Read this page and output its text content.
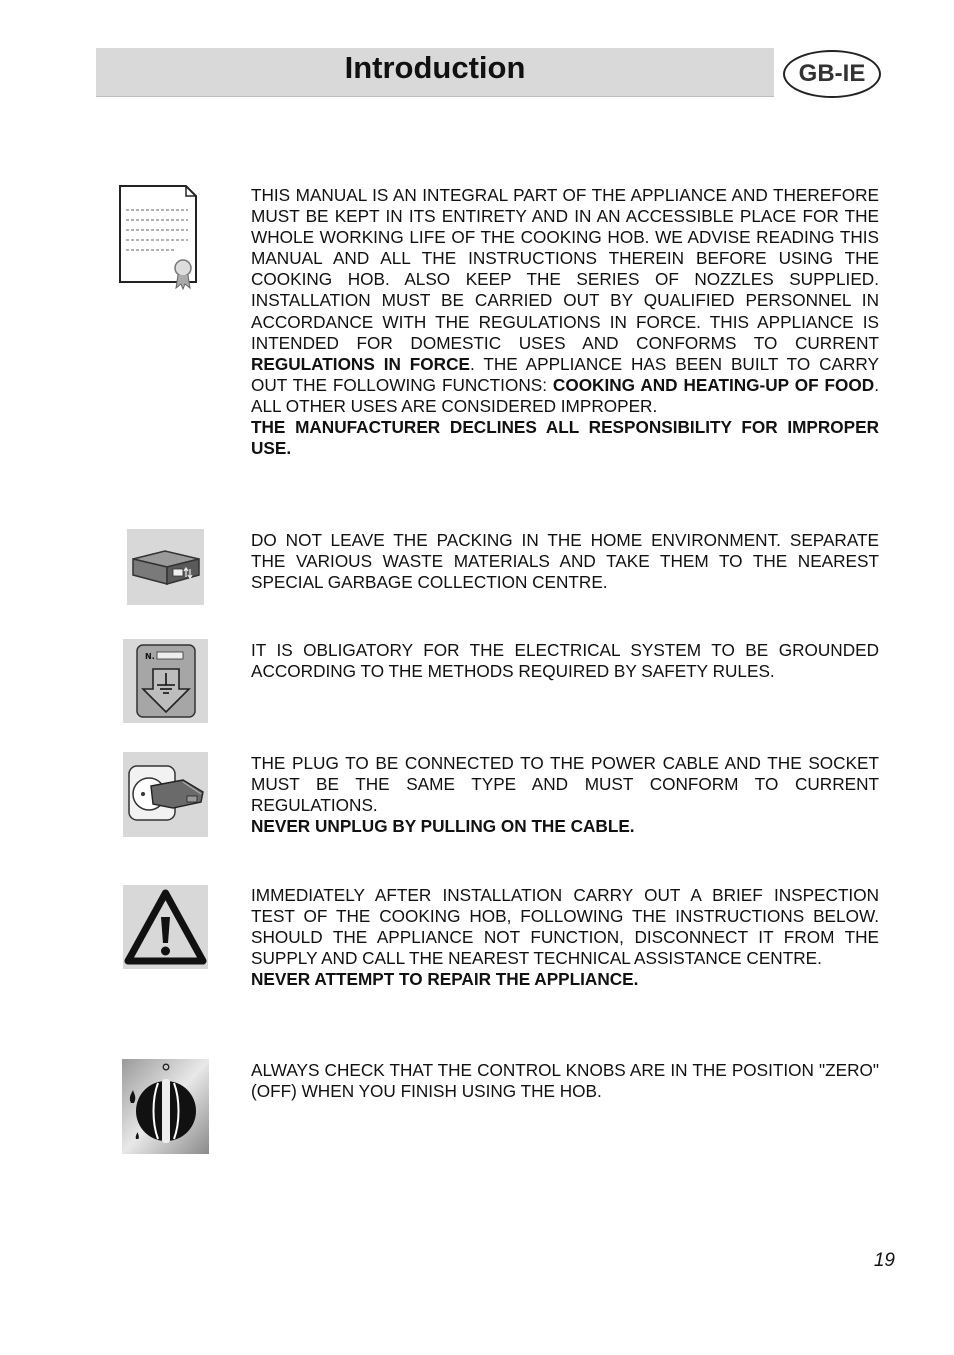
Introduction	GB-IE

THIS MANUAL IS AN INTEGRAL PART OF THE APPLIANCE AND THEREFORE MUST BE KEPT IN ITS ENTIRETY AND IN AN ACCESSIBLE PLACE FOR THE WHOLE WORKING LIFE OF THE COOKING HOB. WE ADVISE READING THIS MANUAL AND ALL THE INSTRUCTIONS THEREIN BEFORE USING THE COOKING HOB. ALSO KEEP THE SERIES OF NOZZLES SUPPLIED. INSTALLATION MUST BE CARRIED OUT BY QUALIFIED PERSONNEL IN ACCORDANCE WITH THE REGULATIONS IN FORCE. THIS APPLIANCE IS INTENDED FOR DOMESTIC USES AND CONFORMS TO CURRENT REGULATIONS IN FORCE. THE APPLIANCE HAS BEEN BUILT TO CARRY OUT THE FOLLOWING FUNCTIONS: COOKING AND HEATING-UP OF FOOD. ALL OTHER USES ARE CONSIDERED IMPROPER.

THE MANUFACTURER DECLINES ALL RESPONSIBILITY FOR IMPROPER USE.

DO NOT LEAVE THE PACKING IN THE HOME ENVIRONMENT. SEPARATE THE VARIOUS WASTE MATERIALS AND TAKE THEM TO THE NEAREST SPECIAL GARBAGE COLLECTION CENTRE.

N.	IT IS OBLIGATORY FOR THE ELECTRICAL SYSTEM TO BE GROUNDED ACCORDING TO THE METHODS REQUIRED BY SAFETY RULES.

THE PLUG TO BE CONNECTED TO THE POWER CABLE AND THE SOCKET MUST BE THE SAME TYPE AND MUST CONFORM TO CURRENT REGULATIONS.

NEVER UNPLUG BY PULLING ON THE CABLE.

IMMEDIATELY AFTER INSTALLATION CARRY OUT A BRIEF INSPECTION TEST OF THE COOKING HOB, FOLLOWING THE INSTRUCTIONS BELOW. SHOULD THE APPLIANCE NOT FUNCTION, DISCONNECT IT FROM THE SUPPLY AND CALL THE NEAREST TECHNICAL ASSISTANCE CENTRE.

NEVER ATTEMPT TO REPAIR THE APPLIANCE.

ALWAYS CHECK THAT THE CONTROL KNOBS ARE IN THE POSITION "ZERO" (OFF) WHEN YOU FINISH USING THE HOB.

19
